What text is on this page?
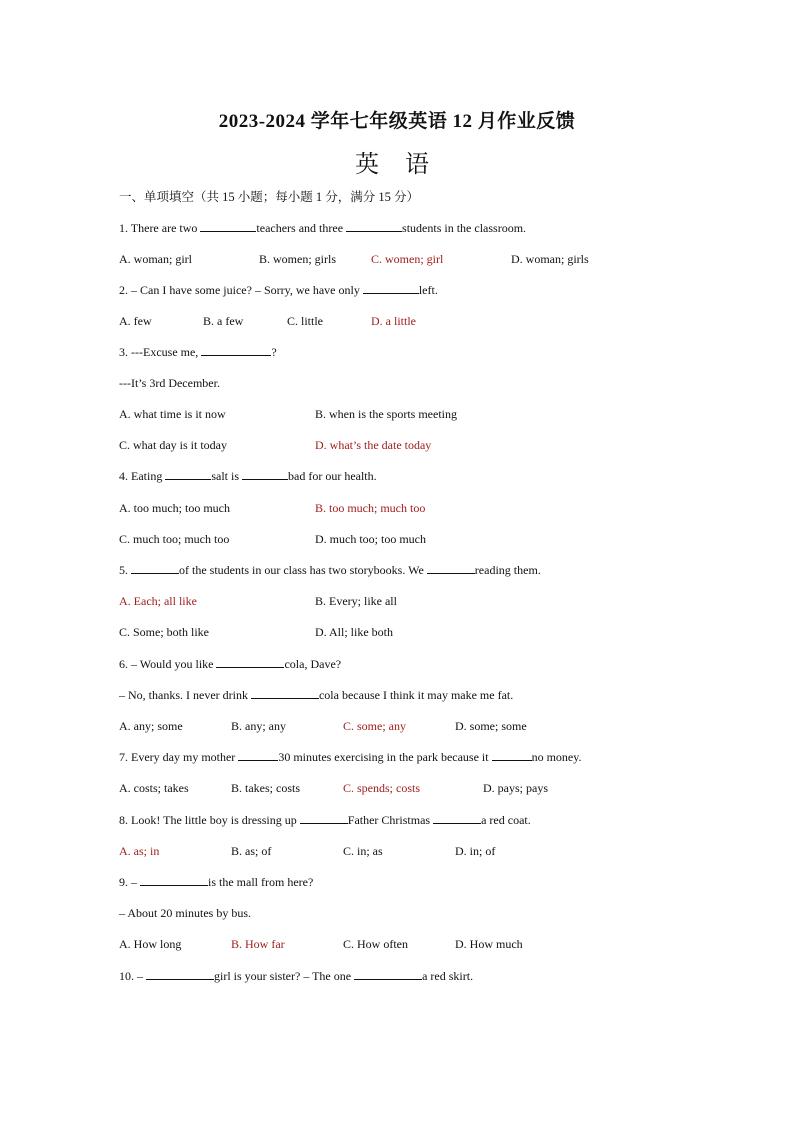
2023-2024 学年七年级英语 12 月作业反馈
英 语
一、单项填空（共 15 小题；每小题 1 分，满分 15 分）
1. There are two	teachers and three	students in the classroom.
A. woman; girl	B. women; girls	C. women; girl	D. woman; girls
2. – Can I have some juice? – Sorry, we have only	left.
A. few	B. a few	C. little	D. a little
3. ---Excuse me,	?
---It’s 3rd December.
A. what time is it now	B. when is the sports meeting
C. what day is it today	D. what’s the date today
4. Eating	salt is	bad for our health.
A. too much; too much	B. too much; much too
C. much too; much too	D. much too; too much
5.	of the students in our class has two storybooks. We	reading them.
A. Each; all like	B. Every; like all
C. Some; both like	D. All; like both
6. – Would you like	cola, Dave?
– No, thanks. I never drink	cola because I think it may make me fat.
A. any; some	B. any; any	C. some; any	D. some; some
7. Every day my mother	30 minutes exercising in the park because it	no money.
A. costs; takes	B. takes; costs	C. spends; costs	D. pays; pays
8. Look! The little boy is dressing up	Father Christmas	a red coat.
A. as; in	B. as; of	C. in; as	D. in; of
9. –	is the mall from here?
– About 20 minutes by bus.
A. How long	B. How far	C. How often	D. How much
10. –	girl is your sister? – The one	a red skirt.
